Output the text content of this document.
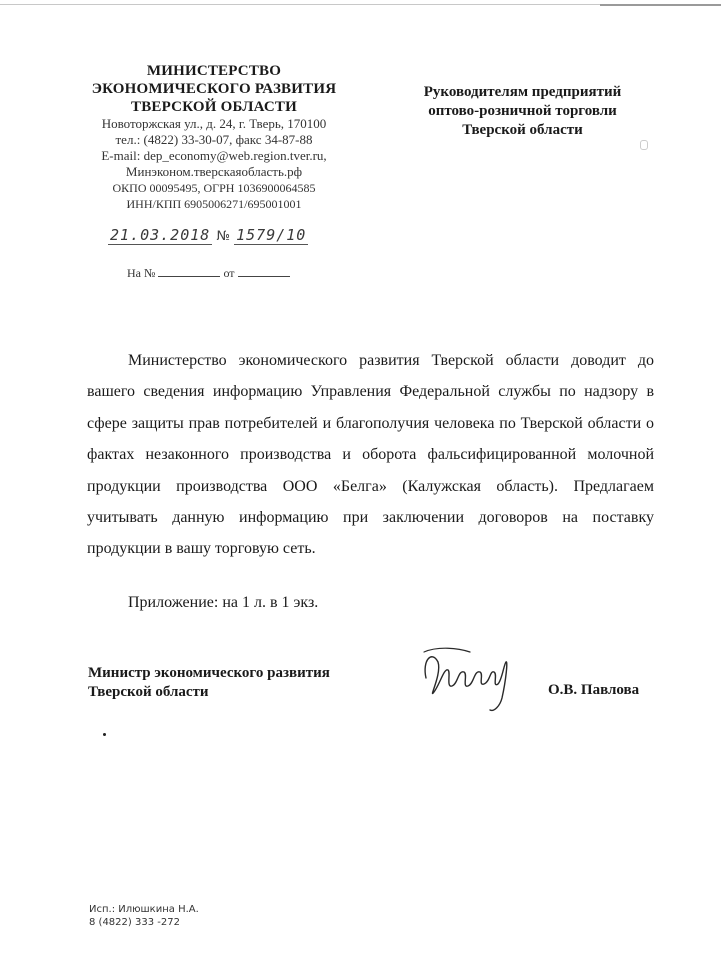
МИНИСТЕРСТВО
ЭКОНОМИЧЕСКОГО РАЗВИТИЯ
ТВЕРСКОЙ ОБЛАСТИ
Новоторжская ул., д. 24, г. Тверь, 170100
тел.: (4822) 33-30-07, факс 34-87-88
E-mail: dep_economy@web.region.tver.ru,
Минэконом.тверскаяобласть.рф
ОКПО 00095495, ОГРН 1036900064585
ИНН/КПП 6905006271/695001001
21.03.2018 № 1579/10
На №	от
Руководителям предприятий
оптово-розничной торговли
Тверской области
Министерство экономического развития Тверской области доводит до вашего сведения информацию Управления Федеральной службы по надзору в сфере защиты прав потребителей и благополучия человека по Тверской области о фактах незаконного производства и оборота фальсифицированной молочной продукции производства ООО «Белга» (Калужская область). Предлагаем учитывать данную информацию при заключении договоров на поставку продукции в вашу торговую сеть.
Приложение: на 1 л. в 1 экз.
Министр экономического развития
Тверской области	О.В. Павлова
Исп.: Илюшкина Н.А.
8 (4822) 333 -272
